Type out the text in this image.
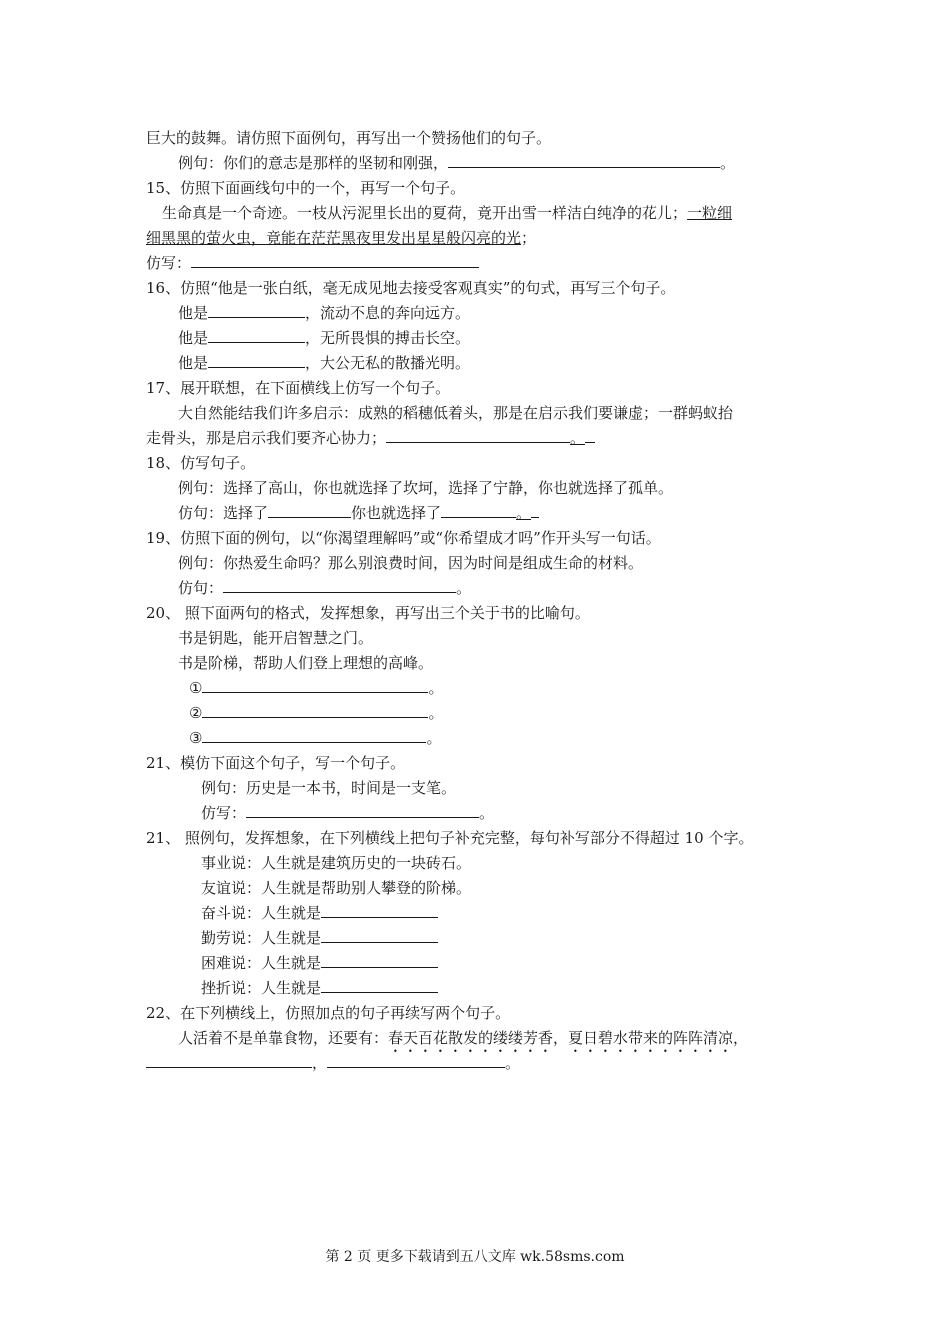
巨大的鼓舞。请仿照下面例句，再写出一个赞扬他们的句子。
例句：你们的意志是那样的坚韧和刚强，	。
15、仿照下面画线句中的一个，再写一个句子。
生命真是一个奇迹。一枝从污泥里长出的夏荷，竟开出雪一样洁白纯净的花儿；一粒细
细黑黑的萤火虫，竟能在茫茫黑夜里发出星星般闪亮的光；
仿写：
16、仿照“他是一张白纸，毫无成见地去接受客观真实”的句式，再写三个句子。
他是	，流动不息的奔向远方。
他是	，无所畏惧的搏击长空。
他是	，大公无私的散播光明。
17、展开联想，在下面横线上仿写一个句子。
大自然能结我们许多启示：成熟的稻穗低着头，那是在启示我们要谦虚；一群蚂蚁抬
走骨头，那是启示我们要齐心协力；	。
18、仿写句子。
例句：选择了高山，你也就选择了坎坷，选择了宁静，你也就选择了孤单。
仿句：选择了	你也就选择了	。
19、仿照下面的例句，以“你渴望理解吗”或“你希望成才吗”作开头写一句话。
例句：你热爱生命吗？那么别浪费时间，因为时间是组成生命的材料。
仿句：	。
20、 照下面两句的格式，发挥想象，再写出三个关于书的比喻句。
书是钥匙，能开启智慧之门。
书是阶梯，帮助人们登上理想的高峰。
①	。
②	。
③	。
21、模仿下面这个句子，写一个句子。
例句：历史是一本书，时间是一支笔。
仿写：	。
21、 照例句，发挥想象，在下列横线上把句子补充完整，每句补写部分不得超过 10 个字。
事业说：人生就是建筑历史的一块砖石。
友谊说：人生就是帮助别人攀登的阶梯。
奋斗说：人生就是
勤劳说：人生就是
困难说：人生就是
挫折说：人生就是
22、在下列横线上，仿照加点的句子再续写两个句子。
人活着不是单靠食物，还要有：春天百花散发的缕缕芳香，夏日碧水带来的阵阵清凉，
，	。
第 2 页 更多下载请到五八文库 wk.58sms.com
